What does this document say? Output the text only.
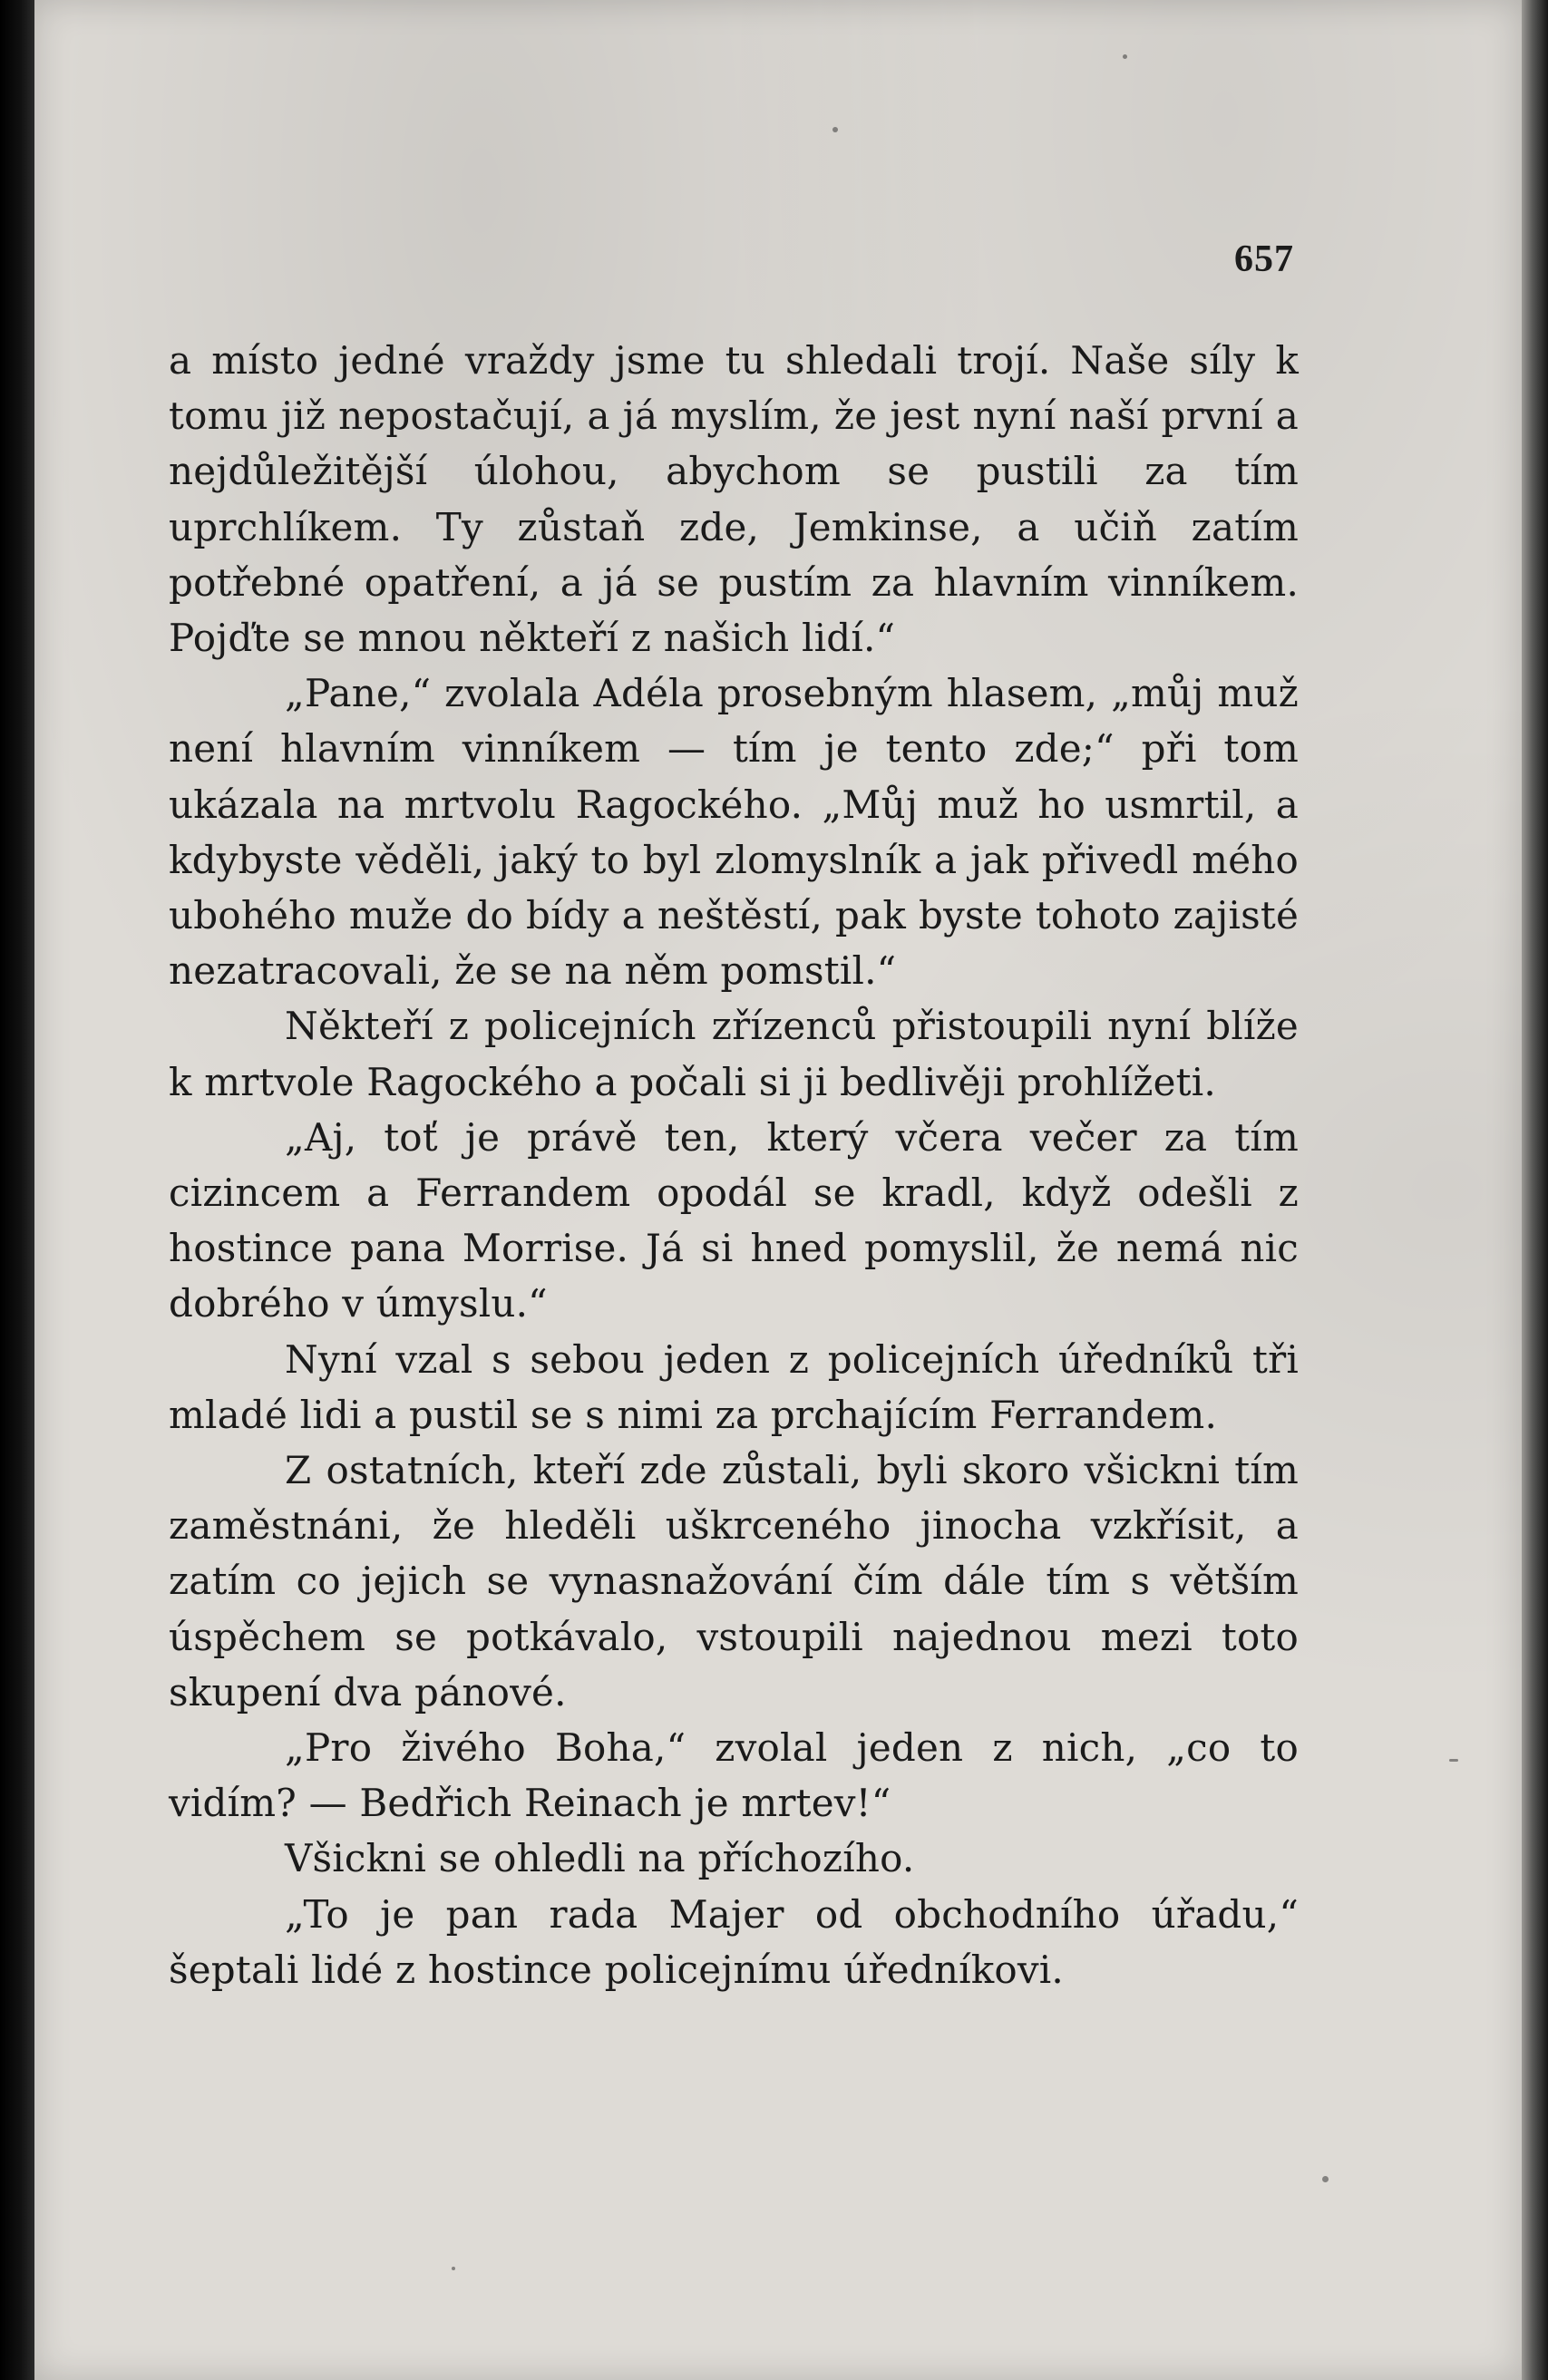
657

a místo jedné vraždy jsme tu shledali trojí. Naše síly k tomu již nepostačují, a já myslím, že jest nyní naší první a nejdůležitější úlohou, abychom se pustili za tím uprchlíkem. Ty zůstaň zde, Jemkinse, a učiň zatím potřebné opatření, a já se pustím za hlavním vinníkem. Pojďte se mnou někteří z našich lidí.“

„Pane,“ zvolala Adéla prosebným hlasem, „můj muž není hlavním vinníkem — tím je tento zde;“ při tom ukázala na mrtvolu Ragockého. „Můj muž ho usmrtil, a kdybyste věděli, jaký to byl zlomyslník a jak přivedl mého ubohého muže do bídy a neštěstí, pak byste tohoto zajisté nezatracovali, že se na něm pomstil.“

Někteří z policejních zřízenců přistoupili nyní blíže k mrtvole Ragockého a počali si ji bedlivěji prohlížeti.

„Aj, toť je právě ten, který včera večer za tím cizincem a Ferrandem opodál se kradl, když odešli z hostince pana Morrise. Já si hned pomyslil, že nemá nic dobrého v úmyslu.“

Nyní vzal s sebou jeden z policejních úředníků tři mladé lidi a pustil se s nimi za prchajícím Ferrandem.

Z ostatních, kteří zde zůstali, byli skoro všickni tím zaměstnáni, že hleděli uškrceného jinocha vzkřísit, a zatím co jejich se vynasnažování čím dále tím s větším úspěchem se potkávalo, vstoupili najednou mezi toto skupení dva pánové.

„Pro živého Boha,“ zvolal jeden z nich, „co to vidím? — Bedřich Reinach je mrtev!“

Všickni se ohledli na příchozího.

„To je pan rada Majer od obchodního úřadu,“ šeptali lidé z hostince policejnímu úředníkovi.
